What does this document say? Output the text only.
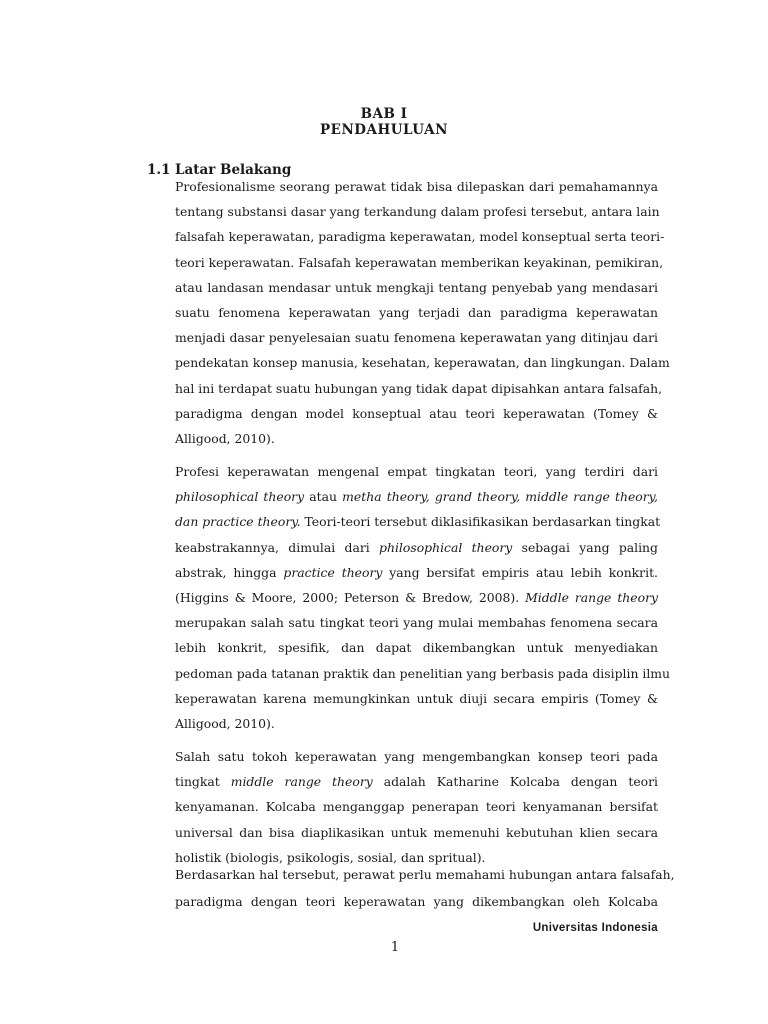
BAB I
PENDAHULUAN
1.1 Latar Belakang
Profesionalisme seorang perawat tidak bisa dilepaskan dari pemahamannya
tentang substansi dasar yang terkandung dalam profesi tersebut, antara lain
falsafah keperawatan, paradigma keperawatan, model konseptual serta teori-
teori keperawatan. Falsafah keperawatan memberikan keyakinan, pemikiran,
atau landasan mendasar untuk mengkaji tentang penyebab yang mendasari
suatu fenomena keperawatan yang terjadi dan paradigma keperawatan
menjadi dasar penyelesaian suatu fenomena keperawatan yang ditinjau dari
pendekatan konsep manusia, kesehatan, keperawatan, dan lingkungan. Dalam
hal ini terdapat suatu hubungan yang tidak dapat dipisahkan antara falsafah,
paradigma dengan model konseptual atau teori keperawatan (Tomey &
Alligood, 2010).
Profesi keperawatan mengenal empat tingkatan teori, yang terdiri dari
philosophical theory atau metha theory, grand theory, middle range theory,
dan practice theory. Teori-teori tersebut diklasifikasikan berdasarkan tingkat
keabstrakannya, dimulai dari philosophical theory sebagai yang paling
abstrak, hingga practice theory yang bersifat empiris atau lebih konkrit.
(Higgins & Moore, 2000; Peterson & Bredow, 2008). Middle range theory
merupakan salah satu tingkat teori yang mulai membahas fenomena secara
lebih konkrit, spesifik, dan dapat dikembangkan untuk menyediakan
pedoman pada tatanan praktik dan penelitian yang berbasis pada disiplin ilmu
keperawatan karena memungkinkan untuk diuji secara empiris (Tomey &
Alligood, 2010).
Salah satu tokoh keperawatan yang mengembangkan konsep teori pada
tingkat middle range theory adalah Katharine Kolcaba dengan teori
kenyamanan. Kolcaba menganggap penerapan teori kenyamanan bersifat
universal dan bisa diaplikasikan untuk memenuhi kebutuhan klien secara
holistik (biologis, psikologis, sosial, dan spritual).
Berdasarkan hal tersebut, perawat perlu memahami hubungan antara falsafah,
paradigma dengan teori keperawatan yang dikembangkan oleh Kolcaba
Universitas Indonesia
1
